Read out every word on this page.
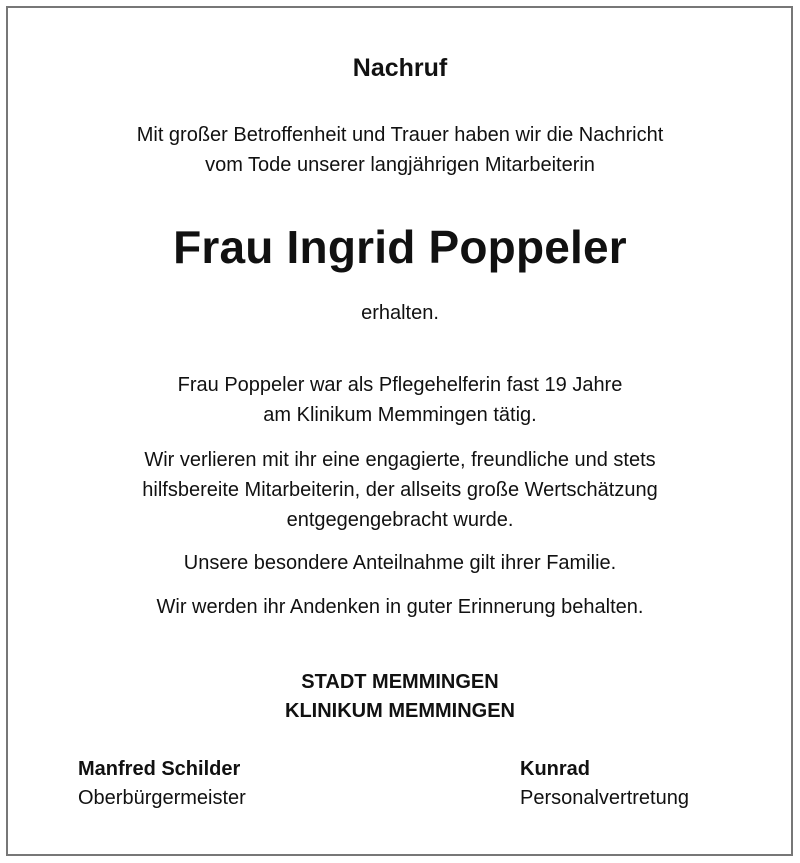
Nachruf
Mit großer Betroffenheit und Trauer haben wir die Nachricht
vom Tode unserer langjährigen Mitarbeiterin
Frau Ingrid Poppeler
erhalten.
Frau Poppeler war als Pflegehelferin fast 19 Jahre
am Klinikum Memmingen tätig.
Wir verlieren mit ihr eine engagierte, freundliche und stets
hilfsbereite Mitarbeiterin, der allseits große Wertschätzung
entgegengebracht wurde.
Unsere besondere Anteilnahme gilt ihrer Familie.
Wir werden ihr Andenken in guter Erinnerung behalten.
STADT MEMMINGEN
KLINIKUM MEMMINGEN
Manfred Schilder
Oberbürgermeister
Kunrad
Personalvertretung
